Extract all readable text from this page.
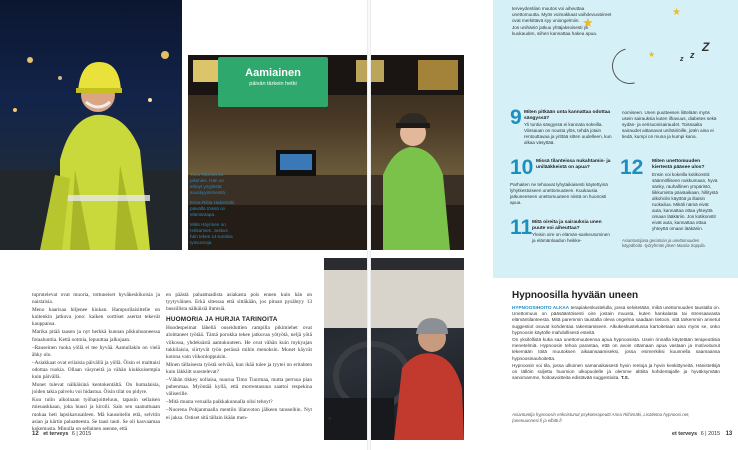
Aamiainen
päivän tärkein hetki

Timo Tuorma on pikimies. Hän on tekoyt yöyjöistä suuskyyimmeistä.

Eeva-Riitta Hakomäki päivällä töissä on elämäntapa.

Mikä Häyrinen on rekkamies. Joskus hän tekee 14-tuntisia työvuoroja.

tuprutelevat ovat muoria, tottuneiset hyväkeskikoisia ja naistaisia.

Meno haarisaa hiljenee hiukan. Hampurilaisittelle on kuitenkin jatkuva jono: kaiken sorttiset asertat tekevät kauppansa.

Marika pitää taasen ja nyt herkkä kunnan pikkuhuoneessa fotaaluuttia. Kettä ootmia, lepuuttaa jalkojaan.

–Rauseinen ruoka yöllä ei tee hyvää. Aamullakin on vielä ähky olo.

–Asiakkaat ovat erilaisia päivällä ja yöllä. Öisin ei malttaisi odottaa ruokia. Ollaan väsyneitä ja vähän kiukkuisempia kuin päivällä.

Monet tulevat nälkäisinä kentokentältä. On humalaisia, joiden takia palvelu voi hidastua. Öisin tilat on pidyre.

Kuu tulin aikoinaan työharjoitteluun, tapasin sellaisen mieuaskkaan, joka huusi ja kiroili. Sain sen saanuttuaan ruokaa heti lapsikarusaileen. Mä kausoitelin että, selvitin asian ja kärtin paluatteesta. Se taasi tauti. Se oli kasvaamaa kokemusta. Minulla on sellainen asenne, että

en päästä paluattuadista asiakasta pois ennen kuin hän on tyytyväinen. Erkä sitessaa että sittäkään, jos pituan pysähtyy 13 bussillista nälkäisiä ihmisiä.

HUOMORIA JA HURJIA TARINOITA

Huodespeimat lähellä ouseiduttien rampilla pikimiehet ovat aloittaneet työtää. Tämä porukka tekee jatkuvaa yötyötä, neljä yötä viikossa, yhdeksästä aamukuuteen. He ovat vähän kuin mykyajan tukkilaisia, siirtyvät työn perässä mihin menoksin. Monet käyvät kotona vain viikonloppuisin.

Minen tällaisesta työstä selviää, kun ikää tulee ja tyytei on eritahten kuin läkkiitt suostelevat?

–Vähän tikkey nollaisa, nuurua Timo Tuormaa, mutta perrsua pian pubenmaa. Myöntää kyllä, että morrentasuna saattoi respekina väliserille.

–Mitä muuta verualla paikkakunnalla olisi tehnyt?

–Nuorena Pohjanmaalla mentiin illanvoton jälkeen tansseihin. Nyt ei jaksa. Ostiset sitä tällain ikään men-	»
12 et terveys 6 | 2015

terveydentilan muutos voi aiheuttaa unettomuutta. Myös voimakkaat vaihdevuosiireet ovat merkittävä syy uniongelmiin.

Jos unihäiriö jatkuu yhtäjaksoisesti yli kuukauden, siihen kannattaa hakea apua.

★
★
★
z z
Z
9 Miten pitkään unta kannattaa odottaa sängyssä?

Yli tuntia sängyssä ei kannata sokeilla. Viissauan on nousta ylös, tehdä jotain rentouttavaa ja yrittää sitten uudelleen, kun alkaa väsyttää.

nomiseen. Unen puutteesen liittelään myös usein sairauksia kuten ilhavuus, diabetes sekä sydän- ja verisuonisairaudet. Toissaalta sairaudet aittanavat unihäiriöille, jotén aina ei tiedä, kumpi on muna ja kumpi kana.

10 Missä tilanteissa nukahtamis- ja unilääkkeistä on apua?

Parhaiten ne tehoavat lyhytaikaisesti käytettyinä lyhytkestoiseen unettomuuteen. Kuukausia jatkuneeseen unettomuuteen niistä on huonosti apua.

11 Mitä oireita ja sairauksia unen puute voi aiheuttaa?

Yleisin oire on elämän-sankeutuminen ja elämänlaadun heikke-

12 Miten unettomuuden kiertestä pääsee ulos?

Ensin voi kokeilla kotikonstit: säännölliseen nukkumaan, hyvä sänky, rauhallinen ympäristö, liikkumista päiväaikaan, hillitystä alkoholin käyttöä ja iltaisin ruokailua. Mikäli nämä eivät auta, kannattaa ottaa yhteyttä omaan lääkäriin. Jos kotikonstit eivät auta, kannattaa ottaa yhteyttä omaan lääkäriin.

Asiantuntijana geriatrian ja unettomuuden käypähoito -työryhmän jäsen Maaria Soppila.

Hypnoosilla hyvään uneen

HYPNOOSIHOITO ALKAA terapiakeskustelulla, jossa selvitetään, mikä unettomuuden taustalla on. Unettomuus on pääsääntöisesti oire jostain muusta, kuten hankalasta tai stressaavasta elämäntilanteesta. Mitä paremmin taustalla oleva ongelma saadaan tietoon, sitä tarkemmin annetut suggestiot osuvat kohdentaa rakentamiseen. Alkukeskustelussa kartoitetaan aina myös se, onko hypnoosin käytölle mahdollisesti esteitä.

On yksilöllistä kuka saa unettomuuteensa apua hypnoosista. Usein rinnalla käytetään terapeuttisia menetelmiä. Hypnoosin tehoa parantaa, että on avoin ottamaan apua vastaan ja motivoitunut tekemään töitä muutoksen aikaansaamiseksi, jossa esimerkiksi kuunnella saamaansa hypnoosinauhoitetta.

Hypnoosin voi tila, jossa ulkoinen samanaikaisesti hyvin rentoja ja hyvin keskittyneitä. Hänistetkijä on tällöin suljettu huomion ulkopuolelle ja olemme alttiita kohdentajalle ja hyväksymään sanomamme, hoitoavoitteita edistävää suggestioita. T.S.

Asiantuntija hypnoosin erikoistunut psykoterapeutti Anna Riihimäki, Lisätietoa hypnoosi.net, (unenuunnesi.fi ja elbitti.fi
et terveys 6 | 2015 13
